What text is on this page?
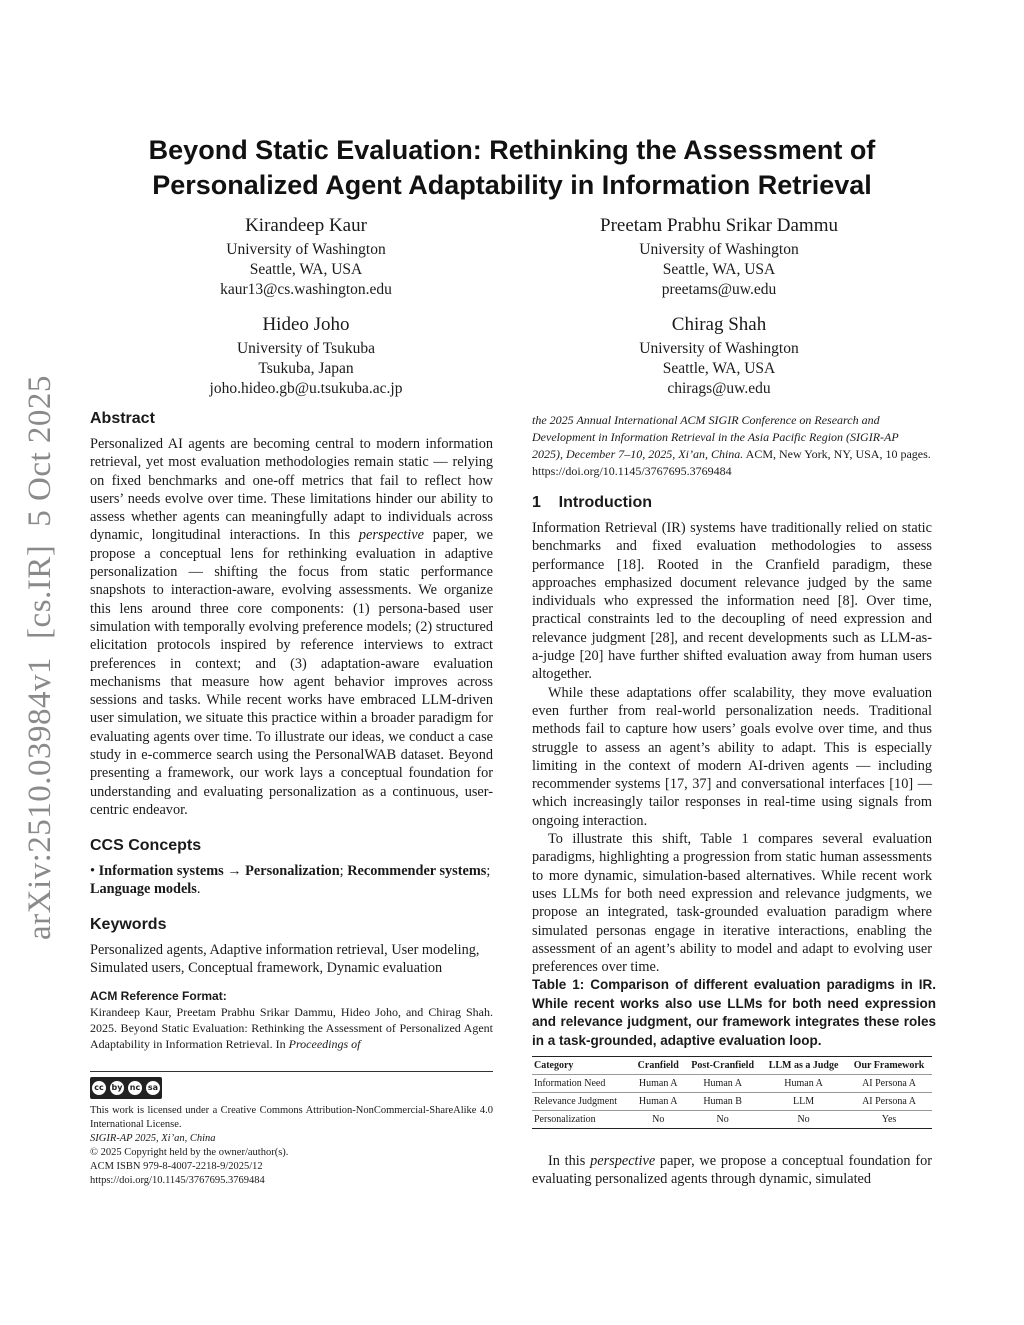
arXiv:2510.03984v1[cs.IR]5 Oct 2025
Beyond Static Evaluation: Rethinking the Assessment of
Personalized Agent Adaptability in Information Retrieval
Kirandeep Kaur
University of Washington
Seattle, WA, USA
kaur13@cs.washington.edu
Preetam Prabhu Srikar Dammu
University of Washington
Seattle, WA, USA
preetams@uw.edu
Hideo Joho
University of Tsukuba
Tsukuba, Japan
joho.hideo.gb@u.tsukuba.ac.jp
Chirag Shah
University of Washington
Seattle, WA, USA
chirags@uw.edu
Abstract

Personalized AI agents are becoming central to modern information retrieval, yet most evaluation methodologies remain static — relying on fixed benchmarks and one-off metrics that fail to reflect how users’ needs evolve over time. These limitations hinder our ability to assess whether agents can meaningfully adapt to individuals across dynamic, longitudinal interactions. In this perspective paper, we propose a conceptual lens for rethinking evaluation in adaptive personalization — shifting the focus from static performance snapshots to interaction-aware, evolving assessments. We organize this lens around three core components: (1) persona-based user simulation with temporally evolving preference models; (2) structured elicitation protocols inspired by reference interviews to extract preferences in context; and (3) adaptation-aware evaluation mechanisms that measure how agent behavior improves across sessions and tasks. While recent works have embraced LLM-driven user simulation, we situate this practice within a broader paradigm for evaluating agents over time. To illustrate our ideas, we conduct a case study in e-commerce search using the PersonalWAB dataset. Beyond presenting a framework, our work lays a conceptual foundation for understanding and evaluating personalization as a continuous, user-centric endeavor.

CCS Concepts

• Information systems → Personalization; Recommender systems; Language models.

Keywords

Personalized agents, Adaptive information retrieval, User modeling, Simulated users, Conceptual framework, Dynamic evaluation

ACM Reference Format:

Kirandeep Kaur, Preetam Prabhu Srikar Dammu, Hideo Joho, and Chirag Shah. 2025. Beyond Static Evaluation: Rethinking the Assessment of Personalized Agent Adaptability in Information Retrieval. In Proceedings of

cc by nc sa
This work is licensed under a Creative Commons Attribution-NonCommercial-ShareAlike 4.0 International License.
SIGIR-AP 2025, Xi’an, China
© 2025 Copyright held by the owner/author(s).
ACM ISBN 979-8-4007-2218-9/2025/12
https://doi.org/10.1145/3767695.3769484

the 2025 Annual International ACM SIGIR Conference on Research and Development in Information Retrieval in the Asia Pacific Region (SIGIR-AP 2025), December 7–10, 2025, Xi’an, China. ACM, New York, NY, USA, 10 pages. https://doi.org/10.1145/3767695.3769484

1    Introduction

Information Retrieval (IR) systems have traditionally relied on static benchmarks and fixed evaluation methodologies to assess performance [18]. Rooted in the Cranfield paradigm, these approaches emphasized document relevance judged by the same individuals who expressed the information need [8]. Over time, practical constraints led to the decoupling of need expression and relevance judgment [28], and recent developments such as LLM-as-a-judge [20] have further shifted evaluation away from human users altogether.

While these adaptations offer scalability, they move evaluation even further from real-world personalization needs. Traditional methods fail to capture how users’ goals evolve over time, and thus struggle to assess an agent’s ability to adapt. This is especially limiting in the context of modern AI-driven agents — including recommender systems [17, 37] and conversational interfaces [10] — which increasingly tailor responses in real-time using signals from ongoing interaction.

To illustrate this shift, Table 1 compares several evaluation paradigms, highlighting a progression from static human assessments to more dynamic, simulation-based alternatives. While recent work uses LLMs for both need expression and relevance judgments, we propose an integrated, task-grounded evaluation paradigm where simulated personas engage in iterative interactions, enabling the assessment of an agent’s ability to model and adapt to evolving user preferences over time.

Table 1: Comparison of different evaluation paradigms in IR. While recent works also use LLMs for both need expression and relevance judgment, our framework integrates these roles in a task-grounded, adaptive evaluation loop.
Category	Cranfield	Post-Cranfield	LLM as a Judge	Our Framework
Information Need	Human A	Human A	Human A	AI Persona A
Relevance Judgment	Human A	Human B	LLM	AI Persona A
Personalization	No	No	No	Yes

In this perspective paper, we propose a conceptual foundation for evaluating personalized agents through dynamic, simulated
